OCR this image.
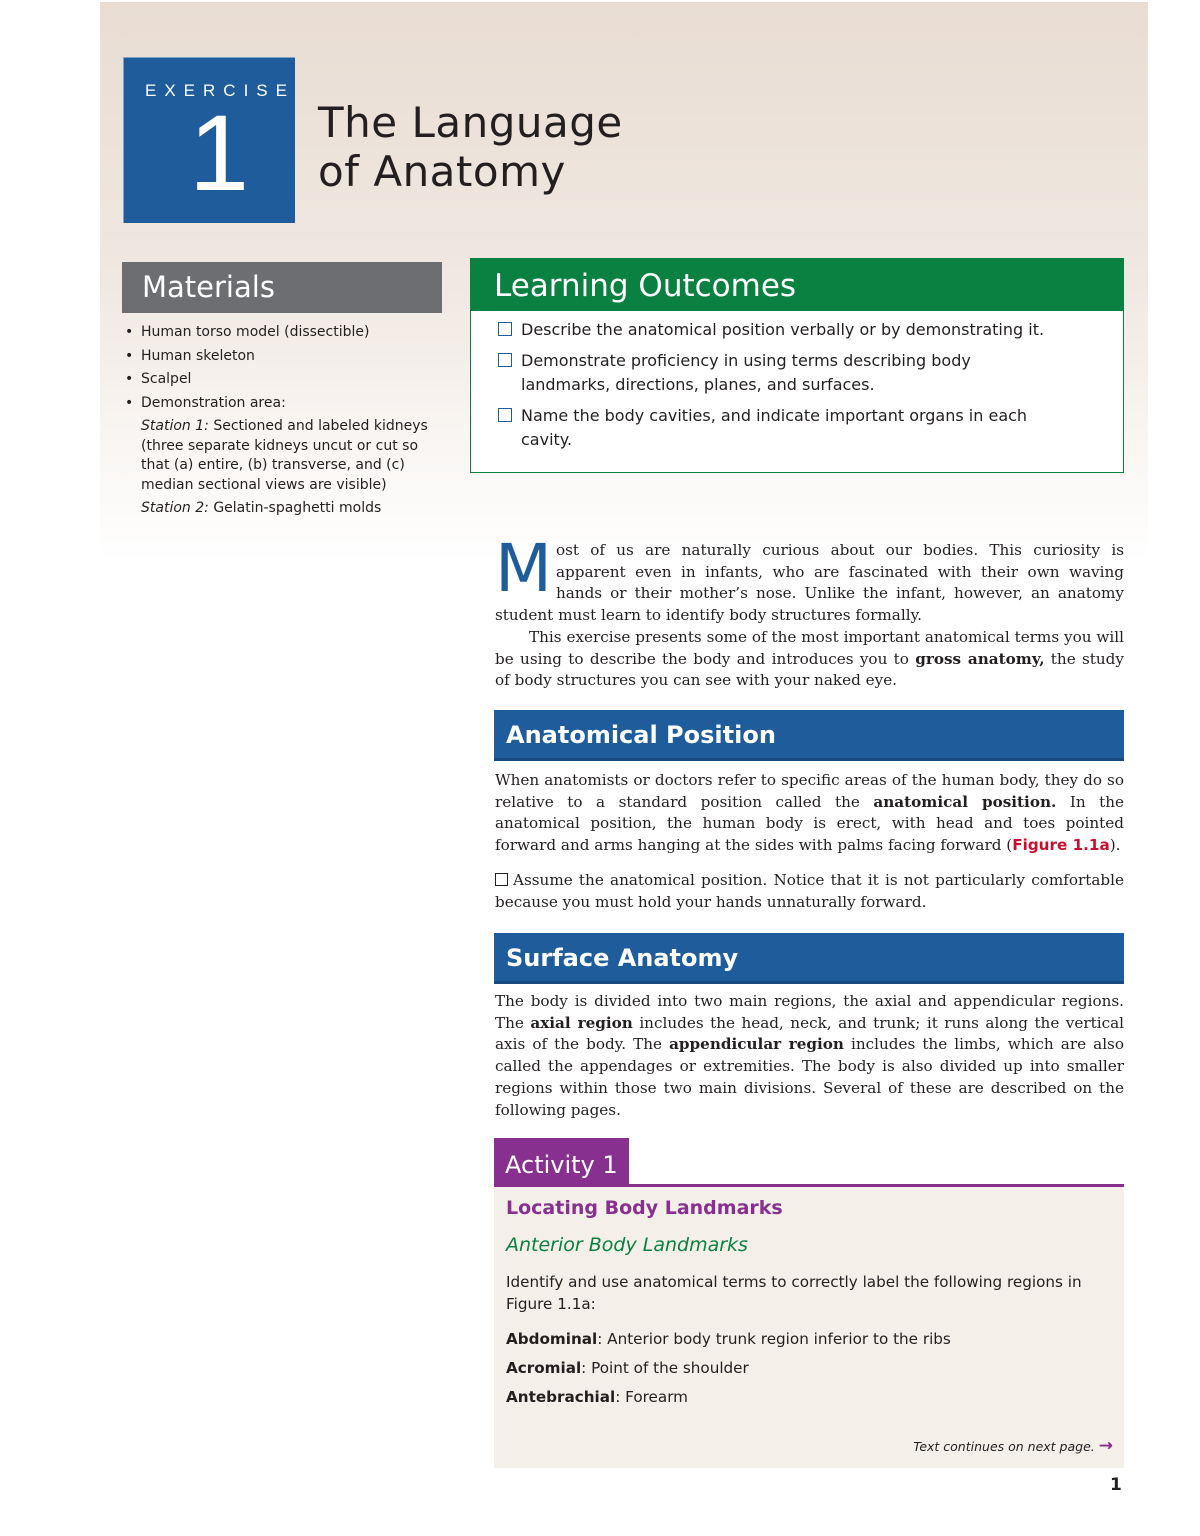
EXERCISE
1 The Language
of Anatomy
Materials
• Human torso model (dissectible)
• Human skeleton
• Scalpel
• Demonstration area:
Station 1: Sectioned and labeled kidneys (three separate kidneys uncut or cut so that (a) entire, (b) transverse, and (c) median sectional views are visible)
Station 2: Gelatin-spaghetti molds
Learning Outcomes
Describe the anatomical position verbally or by demonstrating it.
Demonstrate proficiency in using terms describing body landmarks, directions, planes, and surfaces.
Name the body cavities, and indicate important organs in each cavity.
Most of us are naturally curious about our bodies. This curiosity is apparent even in infants, who are fascinated with their own waving hands or their mother’s nose. Unlike the infant, however, an anatomy student must learn to identify body structures formally.
This exercise presents some of the most important anatomical terms you will be using to describe the body and introduces you to gross anatomy, the study of body structures you can see with your naked eye.
Anatomical Position
When anatomists or doctors refer to specific areas of the human body, they do so relative to a standard position called the anatomical position. In the anatomical position, the human body is erect, with head and toes pointed forward and arms hanging at the sides with palms facing forward (Figure 1.1a).
Assume the anatomical position. Notice that it is not particularly comfortable because you must hold your hands unnaturally forward.
Surface Anatomy
The body is divided into two main regions, the axial and appendicular regions. The axial region includes the head, neck, and trunk; it runs along the vertical axis of the body. The appendicular region includes the limbs, which are also called the appendages or extremities. The body is also divided up into smaller regions within those two main divisions. Several of these are described on the following pages.
Activity 1
Locating Body Landmarks
Anterior Body Landmarks
Identify and use anatomical terms to correctly label the following regions in Figure 1.1a:
Abdominal: Anterior body trunk region inferior to the ribs
Acromial: Point of the shoulder
Antebrachial: Forearm
Text continues on next page. →
1
